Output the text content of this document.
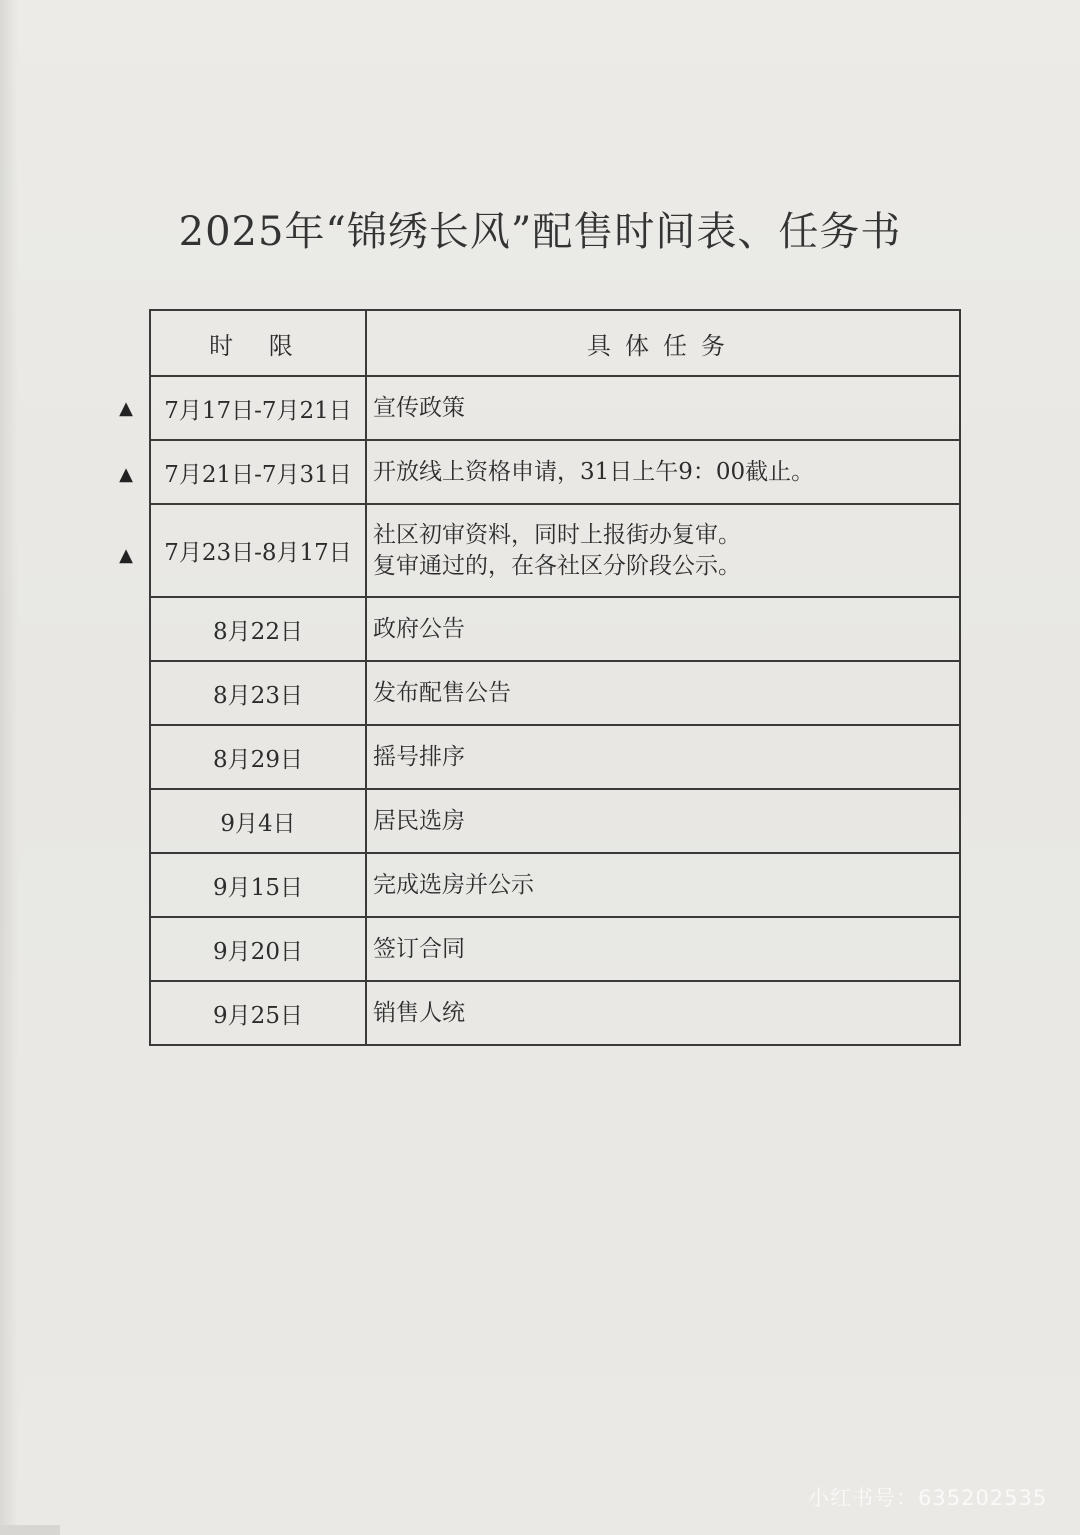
2025年“锦绣长风”配售时间表、任务书
▲
▲
▲
时 限	具体任务
7月17日-7月21日	宣传政策
7月21日-7月31日	开放线上资格申请，31日上午9：00截止。
7月23日-8月17日	社区初审资料，同时上报街办复审。
复审通过的，在各社区分阶段公示。

8月22日	政府公告
8月23日	发布配售公告
8月29日	摇号排序
9月4日	居民选房
9月15日	完成选房并公示
9月20日	签订合同
9月25日	销售人统
小红书号：635202535
